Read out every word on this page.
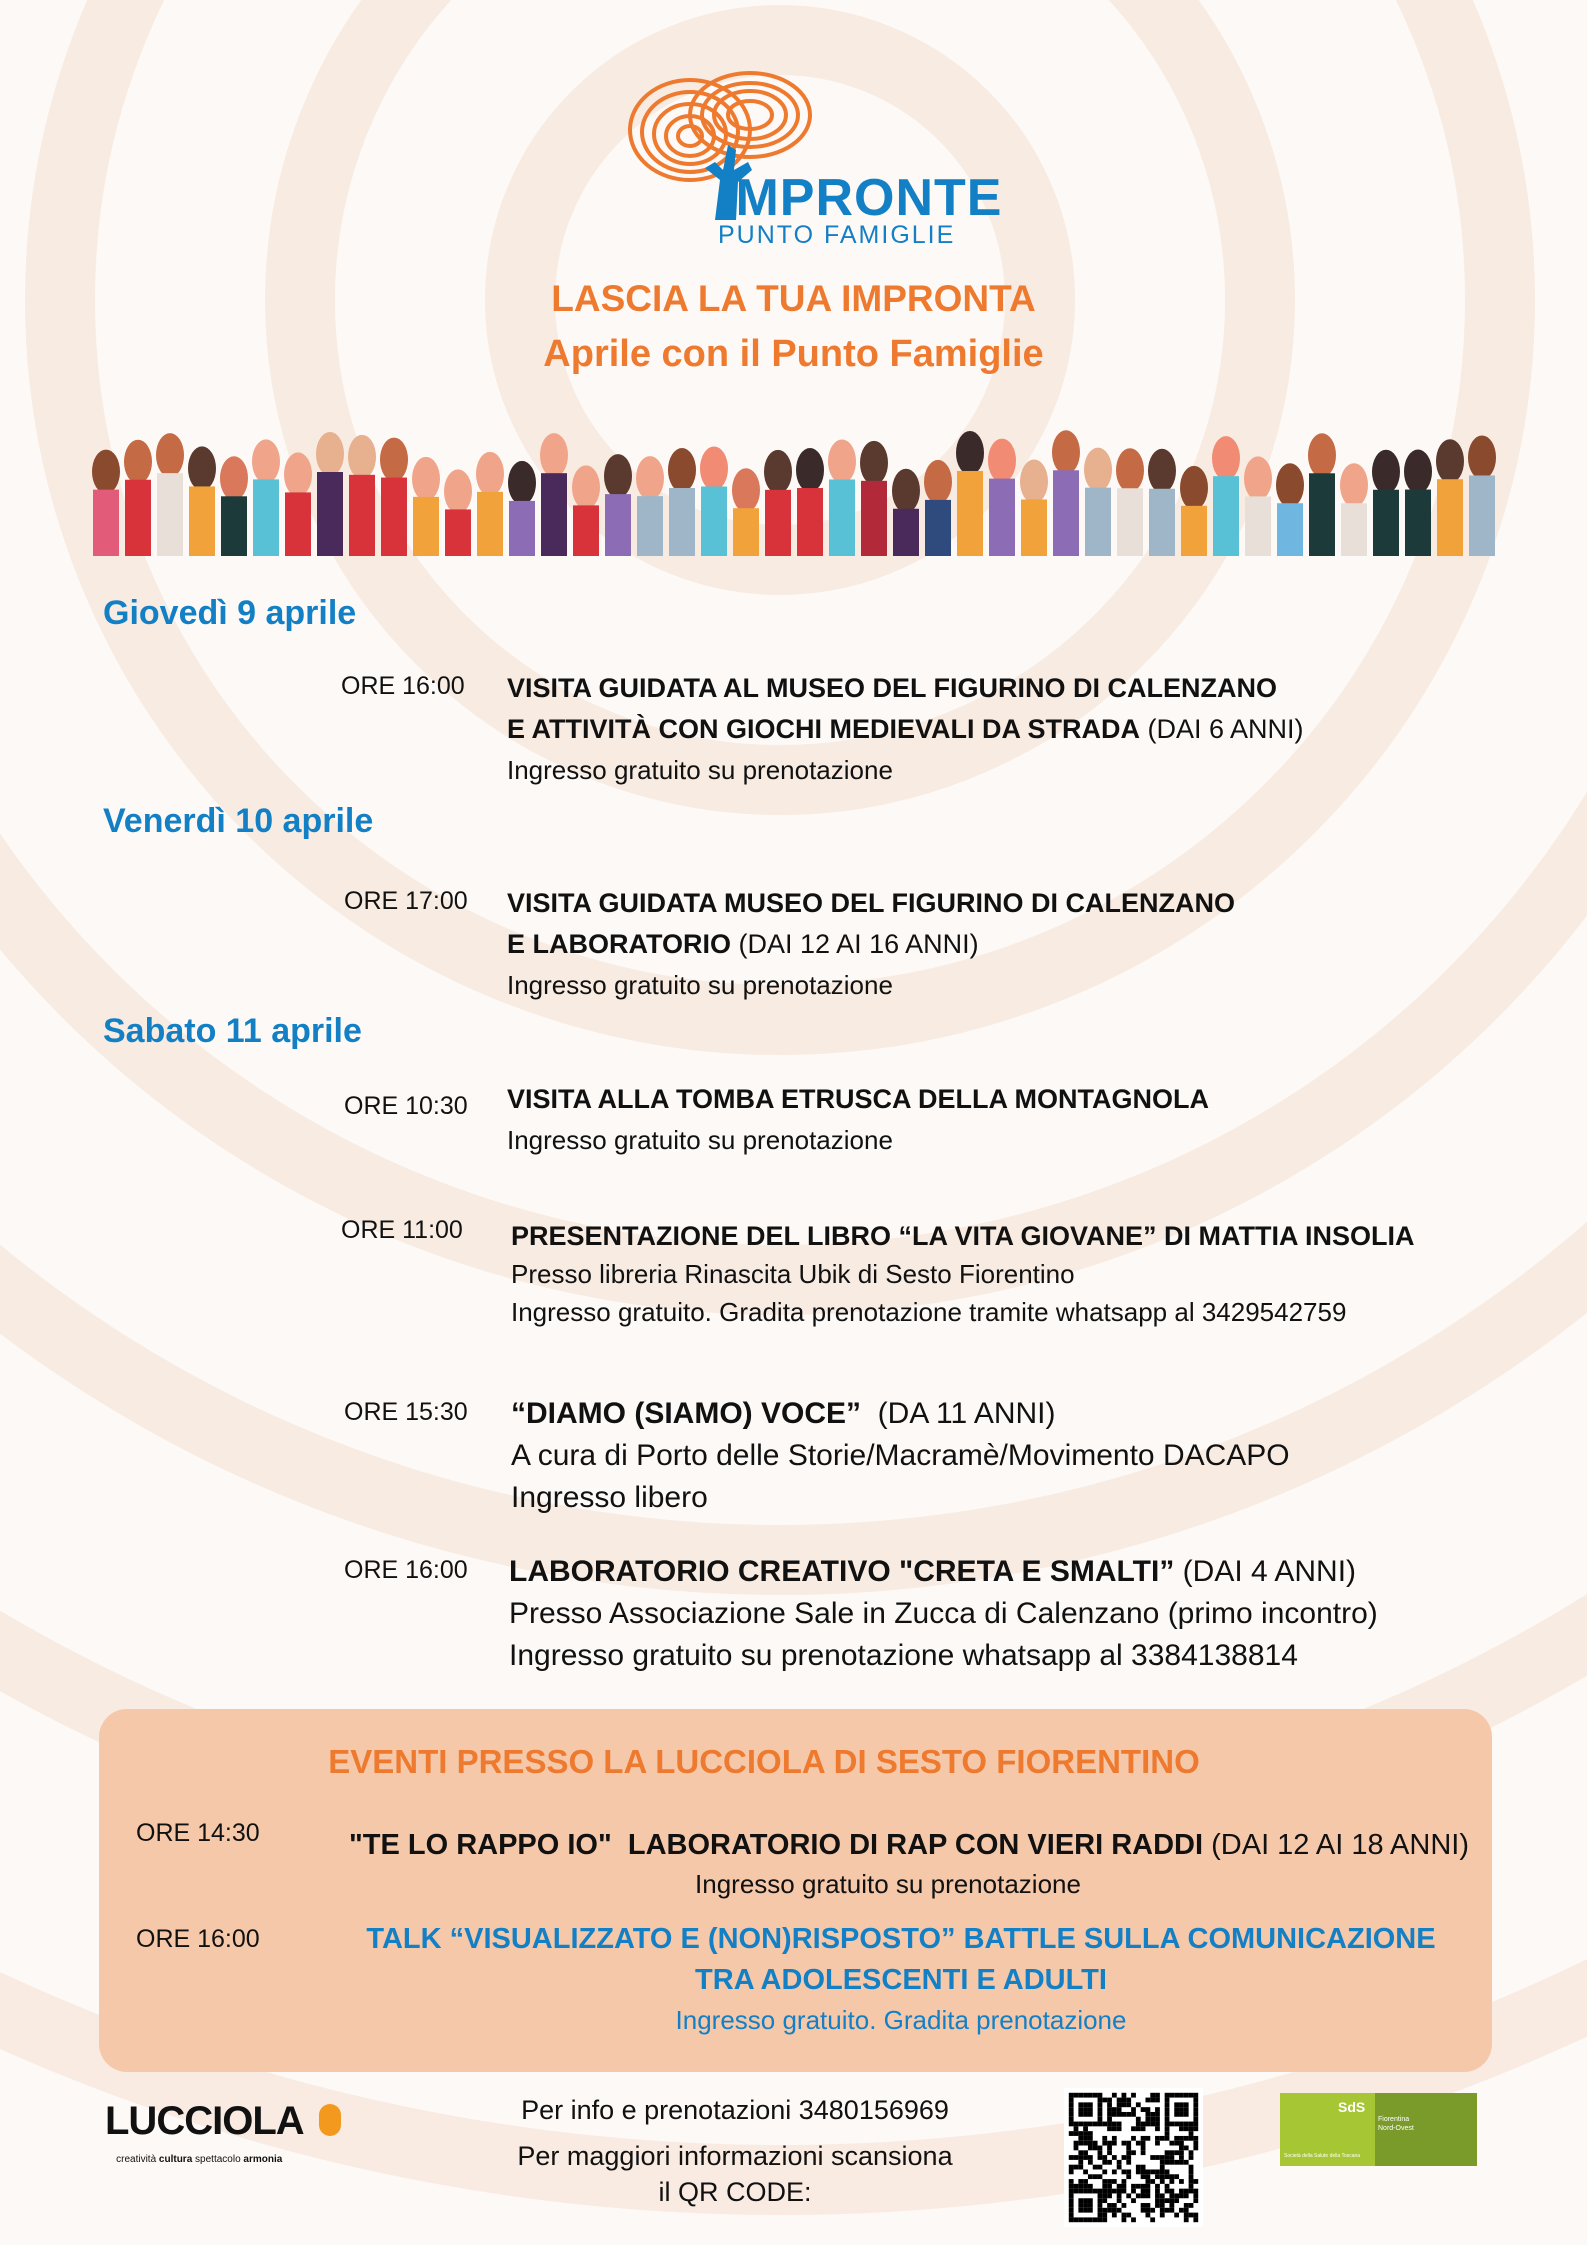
IMPRONTE
PUNTO FAMIGLIE
LASCIA LA TUA IMPRONTA
Aprile con il Punto Famiglie
Giovedì 9 aprile
ORE 16:00 VISITA GUIDATA AL MUSEO DEL FIGURINO DI CALENZANO
E ATTIVITÀ CON GIOCHI MEDIEVALI DA STRADA (DAI 6 ANNI)
Ingresso gratuito su prenotazione
Venerdì 10 aprile
ORE 17:00 VISITA GUIDATA MUSEO DEL FIGURINO DI CALENZANO
E LABORATORIO (DAI 12 AI 16 ANNI)
Ingresso gratuito su prenotazione
Sabato 11 aprile
ORE 10:30 VISITA ALLA TOMBA ETRUSCA DELLA MONTAGNOLA
Ingresso gratuito su prenotazione
ORE 11:00 PRESENTAZIONE DEL LIBRO “LA VITA GIOVANE” DI MATTIA INSOLIA
Presso libreria Rinascita Ubik di Sesto Fiorentino
Ingresso gratuito. Gradita prenotazione tramite whatsapp al 3429542759
ORE 15:30 “DIAMO (SIAMO) VOCE”  (DA 11 ANNI)
A cura di Porto delle Storie/Macramè/Movimento DACAPO
Ingresso libero
ORE 16:00 LABORATORIO CREATIVO "CRETA E SMALTI” (DAI 4 ANNI)
Presso Associazione Sale in Zucca di Calenzano (primo incontro)
Ingresso gratuito su prenotazione whatsapp al 3384138814
EVENTI PRESSO LA LUCCIOLA DI SESTO FIORENTINO
ORE 14:30	"TE LO RAPPO IO"  LABORATORIO DI RAP CON VIERI RADDI (DAI 12 AI 18 ANNI)
Ingresso gratuito su prenotazione
ORE 16:00	TALK “VISUALIZZATO E (NON)RISPOSTO” BATTLE SULLA COMUNICAZIONE
TRA ADOLESCENTI E ADULTI
Ingresso gratuito. Gradita prenotazione
LUCCIOLA

creatività cultura spettacolo armonia

Per info e prenotazioni 3480156969
Per maggiori informazioni scansiona
il QR CODE:
SdS
Fiorentina
Nord-Ovest
Società della Salute della Toscana
